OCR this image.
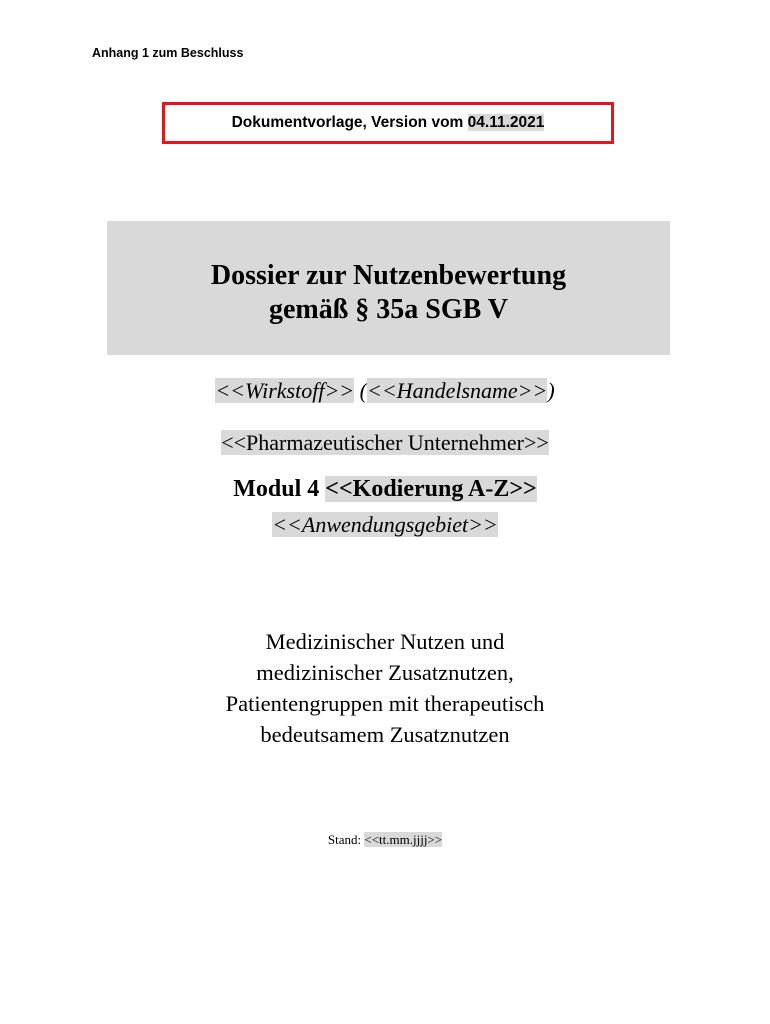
Anhang 1 zum Beschluss
Dokumentvorlage, Version vom 04.11.2021
Dossier zur Nutzenbewertung
gemäß § 35a SGB V
<<Wirkstoff>> (<<Handelsname>>)
<<Pharmazeutischer Unternehmer>>
Modul 4 <<Kodierung A-Z>>
<<Anwendungsgebiet>>
Medizinischer Nutzen und
medizinischer Zusatznutzen,
Patientengruppen mit therapeutisch
bedeutsamem Zusatznutzen
Stand: <<tt.mm.jjjj>>
